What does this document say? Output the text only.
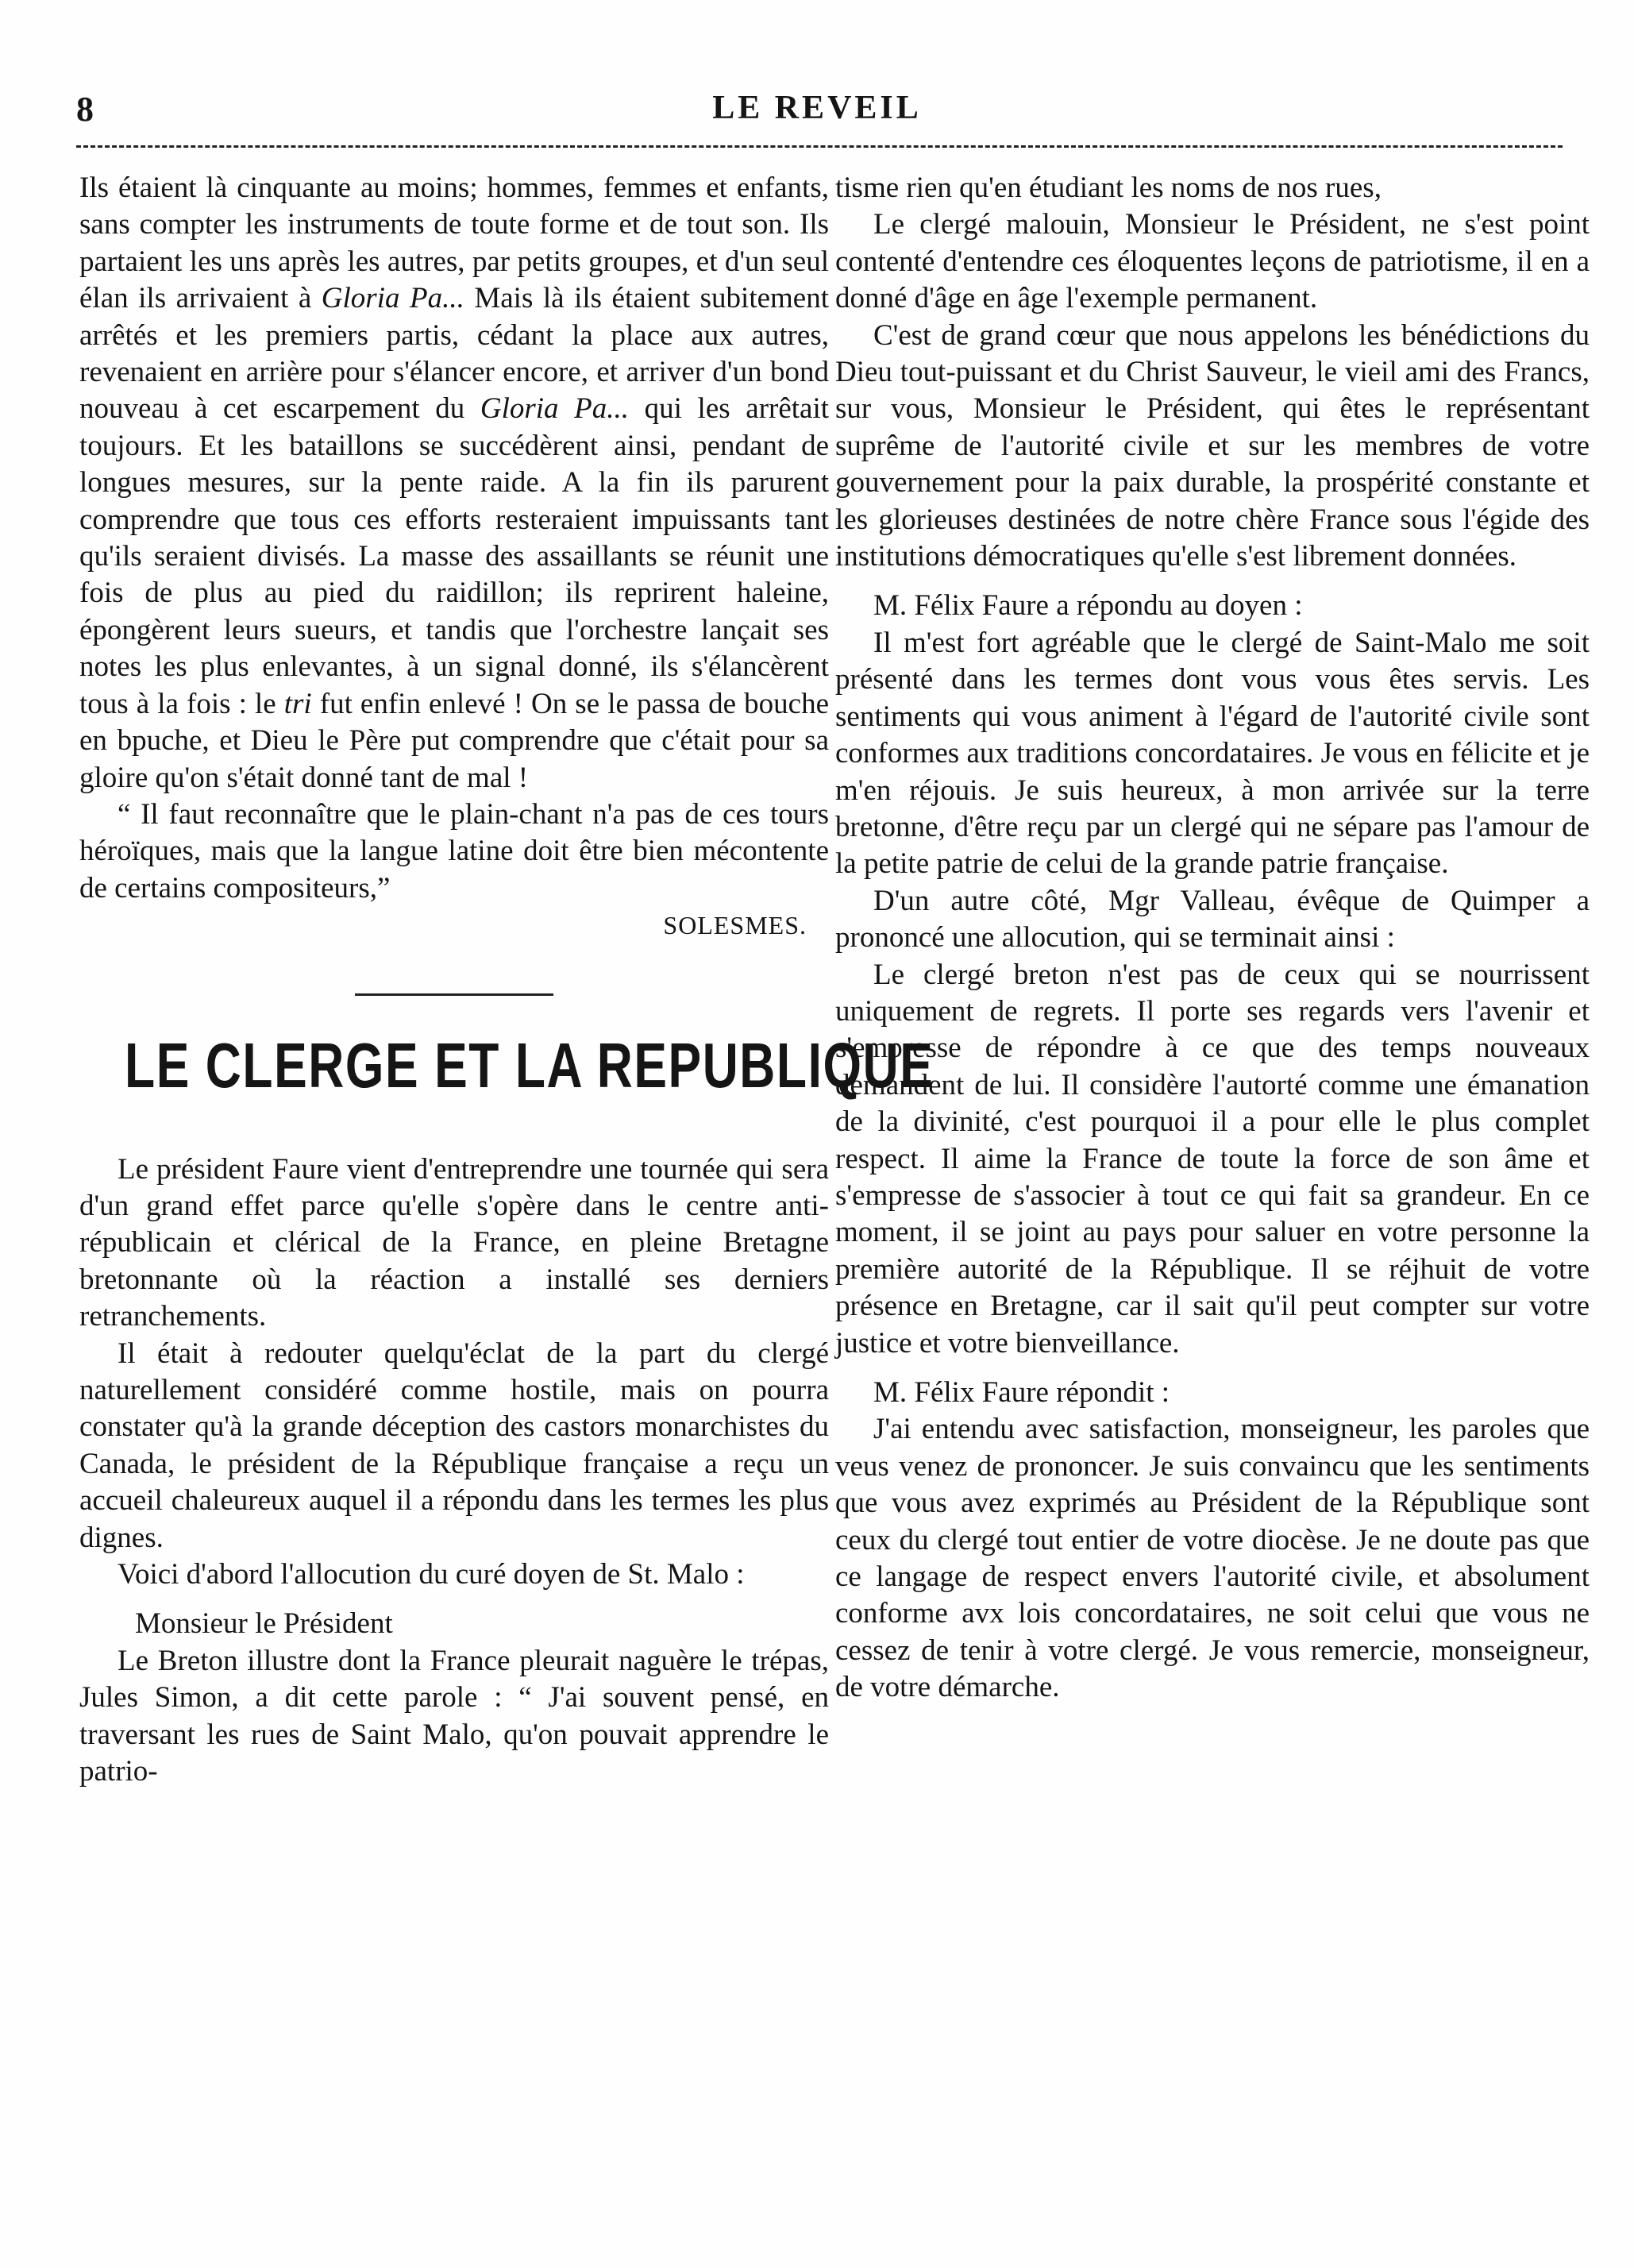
8	LE REVEIL

Ils étaient là cinquante au moins; hommes, femmes et enfants, sans compter les instruments de toute forme et de tout son. Ils partaient les uns après les autres, par petits groupes, et d'un seul élan ils arrivaient à Gloria Pa... Mais là ils étaient subitement arrêtés et les premiers partis, cédant la place aux autres, revenaient en arrière pour s'élancer encore, et arriver d'un bond nouveau à cet escarpement du Gloria Pa... qui les arrêtait toujours. Et les bataillons se succédèrent ainsi, pendant de longues mesures, sur la pente raide. A la fin ils parurent comprendre que tous ces efforts resteraient impuissants tant qu'ils seraient divisés. La masse des assaillants se réunit une fois de plus au pied du raidillon; ils reprirent haleine, épongèrent leurs sueurs, et tandis que l'orchestre lançait ses notes les plus enlevantes, à un signal donné, ils s'élancèrent tous à la fois : le tri fut enfin enlevé ! On se le passa de bouche en bpuche, et Dieu le Père put comprendre que c'était pour sa gloire qu'on s'était donné tant de mal !

“ Il faut reconnaître que le plain-chant n'a pas de ces tours héroïques, mais que la langue latine doit être bien mécontente de certains compositeurs,”

SOLESMES.

LE CLERGE ET LA REPUBLIQUE

Le président Faure vient d'entreprendre une tournée qui sera d'un grand effet parce qu'elle s'opère dans le centre anti-républicain et clérical de la France, en pleine Bretagne bretonnante où la réaction a installé ses derniers retranchements.

Il était à redouter quelqu'éclat de la part du clergé naturellement considéré comme hostile, mais on pourra constater qu'à la grande déception des castors monarchistes du Canada, le président de la République française a reçu un accueil chaleureux auquel il a répondu dans les termes les plus dignes.

Voici d'abord l'allocution du curé doyen de St. Malo :

Monsieur le Président

Le Breton illustre dont la France pleurait naguère le trépas, Jules Simon, a dit cette parole : “ J'ai souvent pensé, en traversant les rues de Saint Malo, qu'on pouvait apprendre le patrio-

tisme rien qu'en étudiant les noms de nos rues,

Le clergé malouin, Monsieur le Président, ne s'est point contenté d'entendre ces éloquentes leçons de patriotisme, il en a donné d'âge en âge l'exemple permanent.

C'est de grand cœur que nous appelons les bénédictions du Dieu tout-puissant et du Christ Sauveur, le vieil ami des Francs, sur vous, Monsieur le Président, qui êtes le représentant suprême de l'autorité civile et sur les membres de votre gouvernement pour la paix durable, la prospérité constante et les glorieuses destinées de notre chère France sous l'égide des institutions démocratiques qu'elle s'est librement données.

M. Félix Faure a répondu au doyen :

Il m'est fort agréable que le clergé de Saint-Malo me soit présenté dans les termes dont vous vous êtes servis. Les sentiments qui vous animent à l'égard de l'autorité civile sont conformes aux traditions concordataires. Je vous en félicite et je m'en réjouis. Je suis heureux, à mon arrivée sur la terre bretonne, d'être reçu par un clergé qui ne sépare pas l'amour de la petite patrie de celui de la grande patrie française.

D'un autre côté, Mgr Valleau, évêque de Quimper a prononcé une allocution, qui se terminait ainsi :

Le clergé breton n'est pas de ceux qui se nourrissent uniquement de regrets. Il porte ses regards vers l'avenir et s'empresse de répondre à ce que des temps nouveaux demandent de lui. Il considère l'autorté comme une émanation de la divinité, c'est pourquoi il a pour elle le plus complet respect. Il aime la France de toute la force de son âme et s'empresse de s'associer à tout ce qui fait sa grandeur. En ce moment, il se joint au pays pour saluer en votre personne la première autorité de la République. Il se réjhuit de votre présence en Bretagne, car il sait qu'il peut compter sur votre justice et votre bienveillance.

M. Félix Faure répondit :

J'ai entendu avec satisfaction, monseigneur, les paroles que veus venez de prononcer. Je suis convaincu que les sentiments que vous avez exprimés au Président de la République sont ceux du clergé tout entier de votre diocèse. Je ne doute pas que ce langage de respect envers l'autorité civile, et absolument conforme avx lois concordataires, ne soit celui que vous ne cessez de tenir à votre clergé. Je vous remercie, monseigneur, de votre démarche.
